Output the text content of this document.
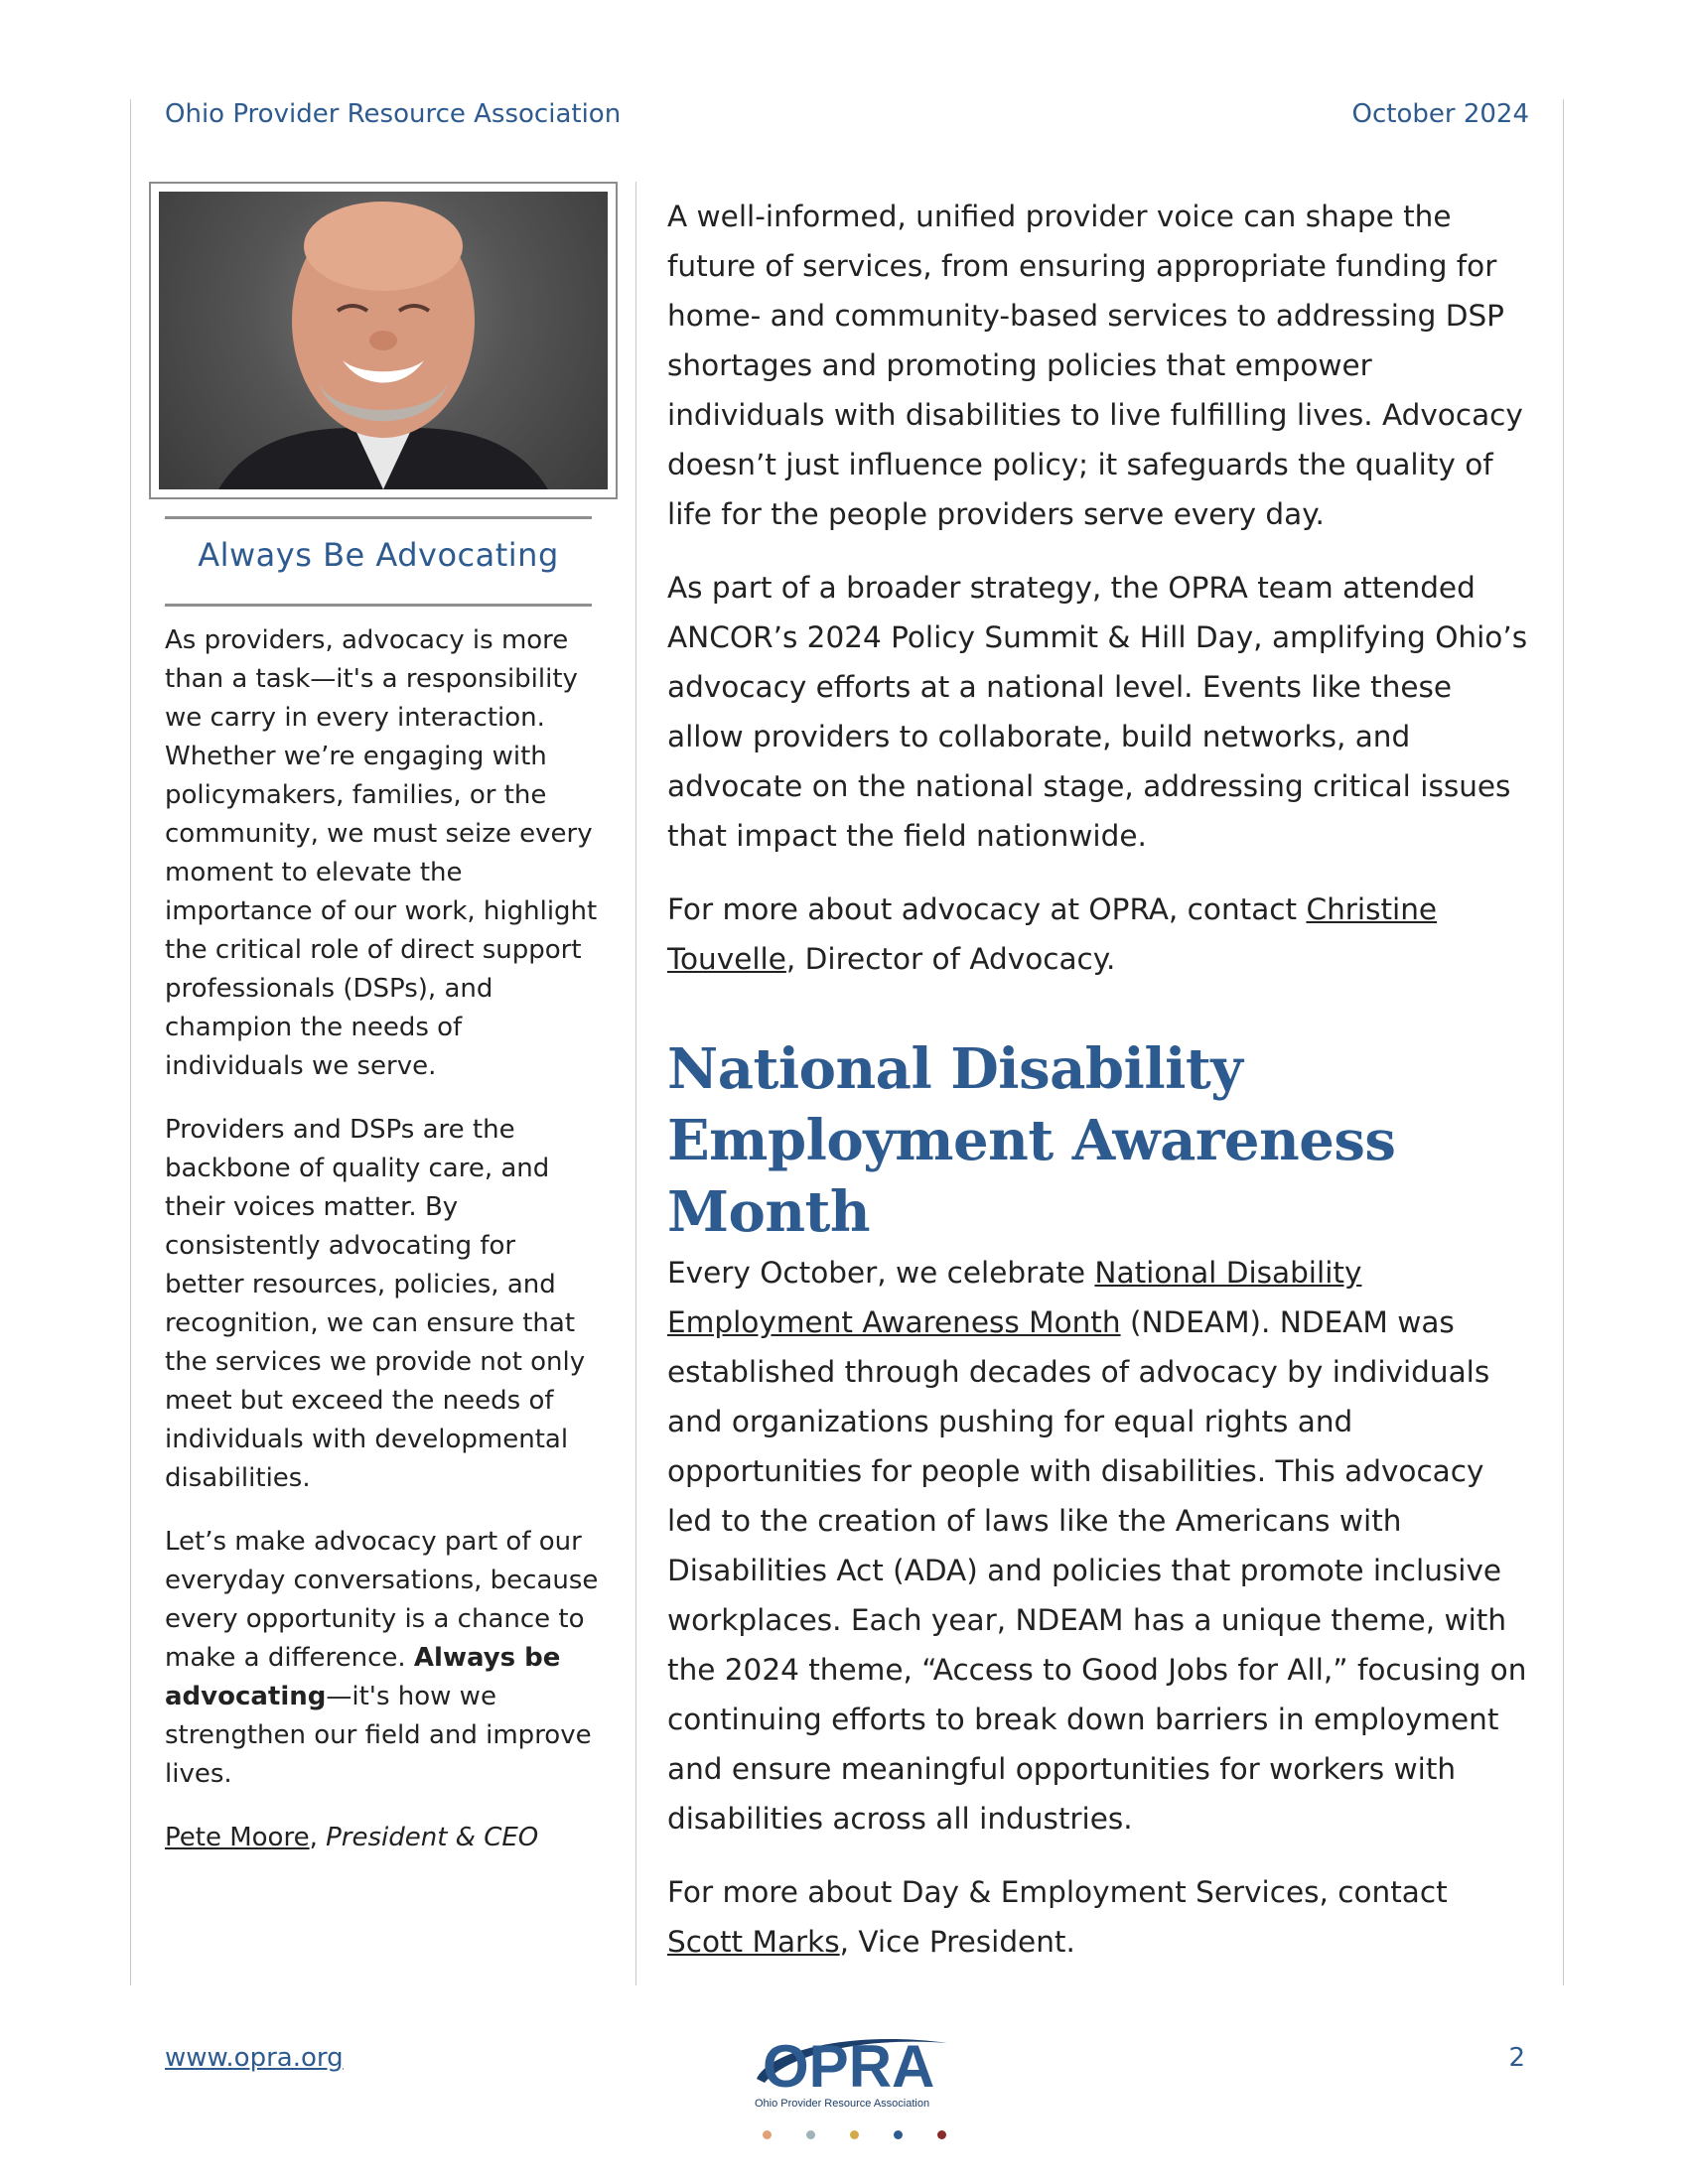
Ohio Provider Resource Association	October 2024
Always Be Advocating

As providers, advocacy is more than a task—it's a responsibility we carry in every interaction. Whether we’re engaging with policymakers, families, or the community, we must seize every moment to elevate the importance of our work, highlight the critical role of direct support professionals (DSPs), and champion the needs of individuals we serve.

Providers and DSPs are the backbone of quality care, and their voices matter. By consistently advocating for better resources, policies, and recognition, we can ensure that the services we provide not only meet but exceed the needs of individuals with developmental disabilities.

Let’s make advocacy part of our everyday conversations, because every opportunity is a chance to make a difference. Always be advocating—it's how we strengthen our field and improve lives.

Pete Moore, President & CEO

A well-informed, unified provider voice can shape the future of services, from ensuring appropriate funding for home- and community-based services to addressing DSP shortages and promoting policies that empower individuals with disabilities to live fulfilling lives. Advocacy doesn’t just influence policy; it safeguards the quality of life for the people providers serve every day.

As part of a broader strategy, the OPRA team attended ANCOR’s 2024 Policy Summit & Hill Day, amplifying Ohio’s advocacy efforts at a national level. Events like these allow providers to collaborate, build networks, and advocate on the national stage, addressing critical issues that impact the field nationwide.

For more about advocacy at OPRA, contact Christine Touvelle, Director of Advocacy.

National Disability Employment Awareness Month

Every October, we celebrate National Disability Employment Awareness Month (NDEAM). NDEAM was established through decades of advocacy by individuals and organizations pushing for equal rights and opportunities for people with disabilities. This advocacy led to the creation of laws like the Americans with Disabilities Act (ADA) and policies that promote inclusive workplaces. Each year, NDEAM has a unique theme, with the 2024 theme, “Access to Good Jobs for All,” focusing on continuing efforts to break down barriers in employment and ensure meaningful opportunities for workers with disabilities across all industries.

For more about Day & Employment Services, contact Scott Marks, Vice President.

www.opra.org	OPRA
Ohio Provider Resource Association
2
